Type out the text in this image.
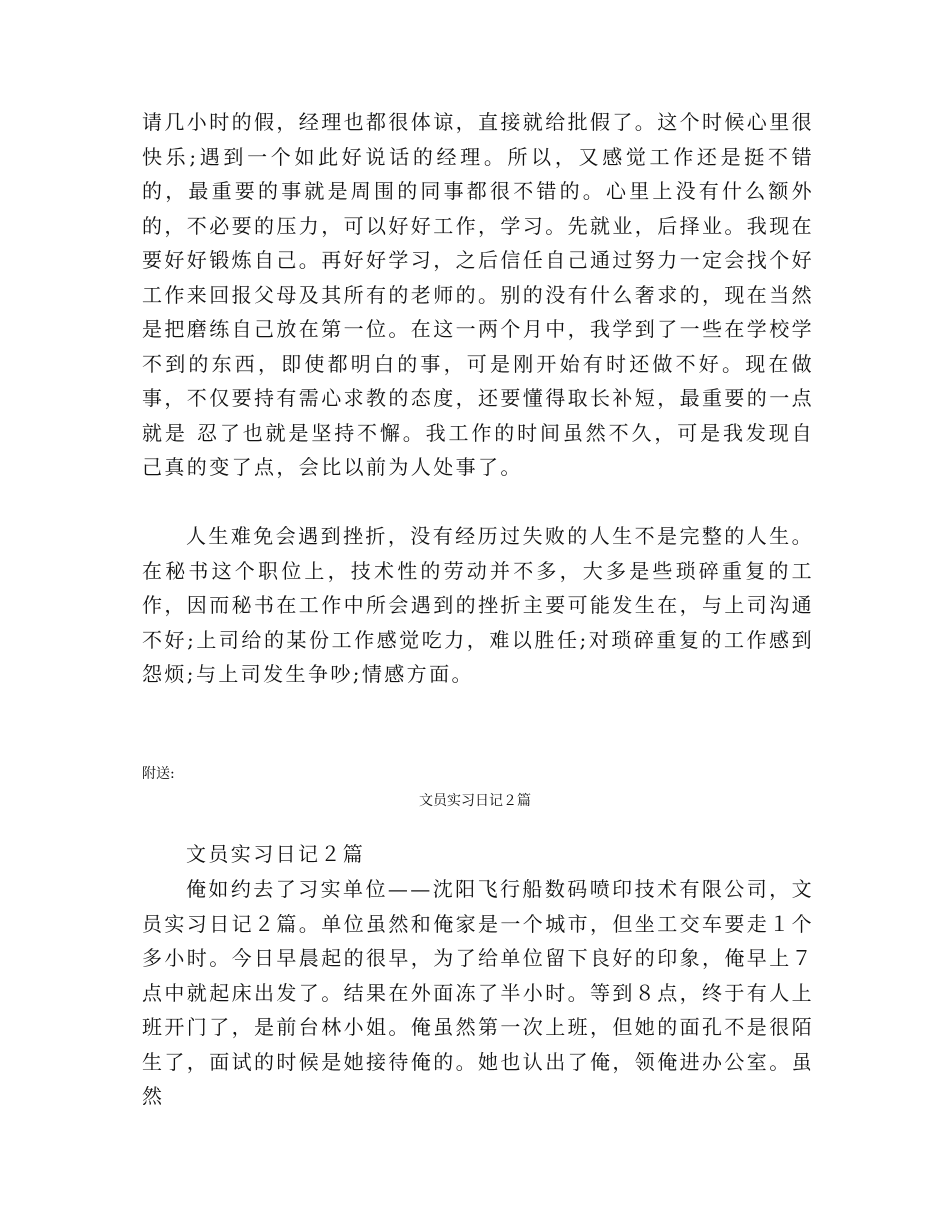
请几小时的假，经理也都很体谅，直接就给批假了。这个时候心里很快乐;遇到一个如此好说话的经理。所以，又感觉工作还是挺不错的，最重要的事就是周围的同事都很不错的。心里上没有什么额外的，不必要的压力，可以好好工作，学习。先就业，后择业。我现在要好好锻炼自己。再好好学习，之后信任自己通过努力一定会找个好工作来回报父母及其所有的老师的。别的没有什么奢求的，现在当然是把磨练自己放在第一位。在这一两个月中，我学到了一些在学校学不到的东西，即使都明白的事，可是刚开始有时还做不好。现在做事，不仅要持有需心求教的态度，还要懂得取长补短，最重要的一点就是 忍了也就是坚持不懈。我工作的时间虽然不久，可是我发现自己真的变了点，会比以前为人处事了。

人生难免会遇到挫折，没有经历过失败的人生不是完整的人生。在秘书这个职位上，技术性的劳动并不多，大多是些琐碎重复的工作，因而秘书在工作中所会遇到的挫折主要可能发生在，与上司沟通不好;上司给的某份工作感觉吃力，难以胜任;对琐碎重复的工作感到怨烦;与上司发生争吵;情感方面。

附送:
文员实习日记２篇
文员实习日记２篇

俺如约去了习实单位——沈阳飞行船数码喷印技术有限公司，文员实习日记２篇。单位虽然和俺家是一个城市，但坐工交车要走１个多小时。今日早晨起的很早，为了给单位留下良好的印象，俺早上７点中就起床出发了。结果在外面冻了半小时。等到８点，终于有人上班开门了，是前台林小姐。俺虽然第一次上班，但她的面孔不是很陌生了，面试的时候是她接待俺的。她也认出了俺，领俺进办公室。虽然
